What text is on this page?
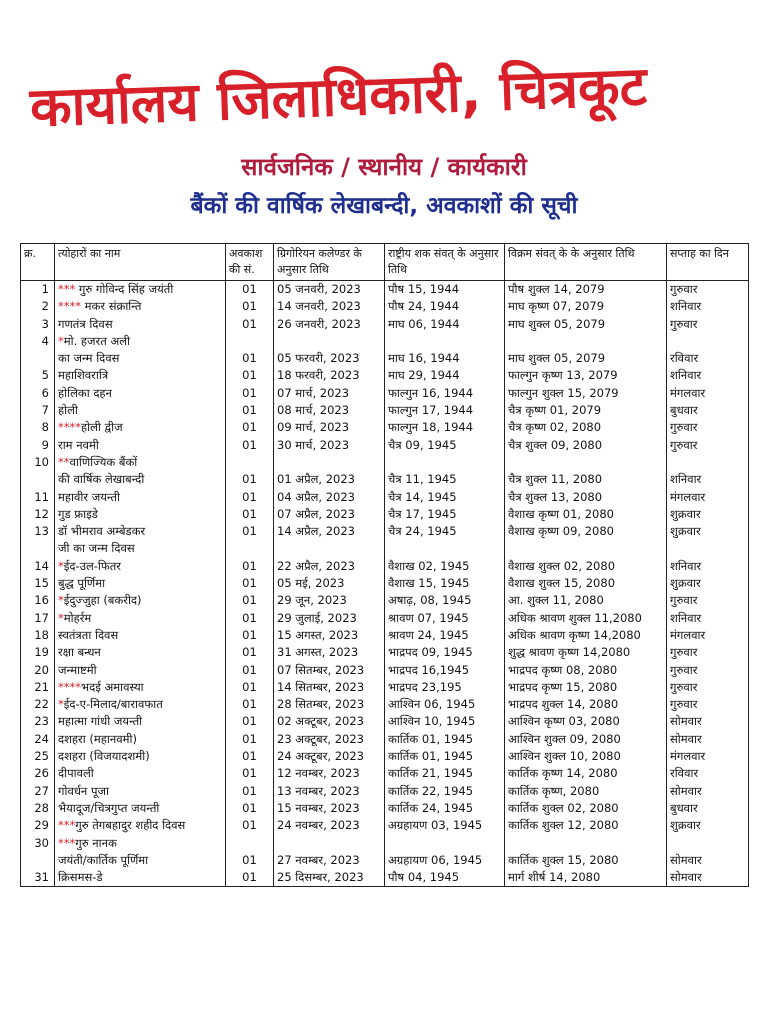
कार्यालय जिलाधिकारी, चित्रकूट
सार्वजनिक / स्थानीय / कार्यकारी
बैंकों की वार्षिक लेखाबन्दी, अवकाशों की सूची
क्र.	त्योहारों का नाम	अवकाश की सं.	ग्रिगोरियन कलेण्डर के अनुसार तिथि	राष्ट्रीय शक संवत् के अनुसार तिथि	विक्रम संवत् के के अनुसार तिथि	सप्ताह का दिन
1	*** गुरु गोविन्द सिंह जयंती	01	05 जनवरी, 2023	पौष 15, 1944	पौष शुक्ल 14, 2079	गुरुवार
2	**** मकर संक्रान्ति	01	14 जनवरी, 2023	पौष 24, 1944	माघ कृष्ण 07, 2079	शनिवार
3	गणतंत्र दिवस	01	26 जनवरी, 2023	माघ 06, 1944	माघ शुक्ल 05, 2079	गुरुवार
4	*मो. हजरत अली					
	का जन्म दिवस	01	05 फरवरी, 2023	माघ 16, 1944	माघ शुक्ल 05, 2079	रविवार
5	महाशिवरात्रि	01	18 फरवरी, 2023	माघ 29, 1944	फाल्गुन कृष्ण 13, 2079	शनिवार
6	होलिका दहन	01	07 मार्च, 2023	फाल्गुन 16, 1944	फाल्गुन शुक्ल 15, 2079	मंगलवार
7	होली	01	08 मार्च, 2023	फाल्गुन 17, 1944	चैत्र कृष्ण 01, 2079	बुधवार
8	****होली द्वीज	01	09 मार्च, 2023	फाल्गुन 18, 1944	चैत्र कृष्ण 02, 2080	गुरुवार
9	राम नवमी	01	30 मार्च, 2023	चैत्र 09, 1945	चैत्र शुक्ल 09, 2080	गुरुवार
10	**वाणिज्यिक बैंकों					
	की वार्षिक लेखाबन्दी	01	01 अप्रैल, 2023	चैत्र 11, 1945	चैत्र शुक्ल 11, 2080	शनिवार
11	महावीर जयन्ती	01	04 अप्रैल, 2023	चैत्र 14, 1945	चैत्र शुक्ल 13, 2080	मंगलवार
12	गुड फ्राइडे	01	07 अप्रैल, 2023	चैत्र 17, 1945	वैशाख कृष्ण 01, 2080	शुक्रवार
13	डॉ भीमराव अम्बेडकर	01	14 अप्रैल, 2023	चैत्र 24, 1945	वैशाख कृष्ण 09, 2080	शुक्रवार
	जी का जन्म दिवस					
14	*ईद-उल-फितर	01	22 अप्रैल, 2023	वैशाख 02, 1945	वैशाख शुक्ल 02, 2080	शनिवार
15	बुद्ध पूर्णिमा	01	05 मई, 2023	वैशाख 15, 1945	वैशाख शुक्ल 15, 2080	शुक्रवार
16	*ईदुज्जुहा (बकरीद)	01	29 जून, 2023	अषाढ़, 08, 1945	आ. शुक्ल 11, 2080	गुरुवार
17	*मोहर्रम	01	29 जुलाई, 2023	श्रावण 07, 1945	अधिक श्रावण शुक्ल 11,2080	शनिवार
18	स्वतंत्रता दिवस	01	15 अगस्त, 2023	श्रावण 24, 1945	अधिक श्रावण कृष्ण 14,2080	मंगलवार
19	रक्षा बन्धन	01	31 अगस्त, 2023	भाद्रपद 09, 1945	शुद्ध श्रावण कृष्ण 14,2080	गुरुवार
20	जन्माष्टमी	01	07 सितम्बर, 2023	भाद्रपद 16,1945	भाद्रपद कृष्ण 08, 2080	गुरुवार
21	****भदई अमावस्या	01	14 सितम्बर, 2023	भाद्रपद 23,195	भाद्रपद कृष्ण 15, 2080	गुरुवार
22	*ईद-ए-मिलाद/बारावफात	01	28 सितम्बर, 2023	आश्विन 06, 1945	भाद्रपद शुक्ल 14, 2080	गुरुवार
23	महात्मा गांधी जयन्ती	01	02 अक्टूबर, 2023	आश्विन 10, 1945	आश्विन कृष्ण 03, 2080	सोमवार
24	दशहरा (महानवमी)	01	23 अक्टूबर, 2023	कार्तिक 01, 1945	आश्विन शुक्ल 09, 2080	सोमवार
25	दशहरा (विजयादशमी)	01	24 अक्टूबर, 2023	कार्तिक 01, 1945	आश्विन शुक्ल 10, 2080	मंगलवार
26	दीपावली	01	12 नवम्बर, 2023	कार्तिक 21, 1945	कार्तिक कृष्ण 14, 2080	रविवार
27	गोवर्धन पूजा	01	13 नवम्बर, 2023	कार्तिक 22, 1945	कार्तिक कृष्ण, 2080	सोमवार
28	भैयादूज/चित्रगुप्त जयन्ती	01	15 नवम्बर, 2023	कार्तिक 24, 1945	कार्तिक शुक्ल 02, 2080	बुधवार
29	***गुरु तेगबहादुर शहीद दिवस	01	24 नवम्बर, 2023	अग्रहायण 03, 1945	कार्तिक शुक्ल 12, 2080	शुक्रवार
30	***गुरु नानक					
	जयंती/कार्तिक पूर्णिमा	01	27 नवम्बर, 2023	अग्रहायण 06, 1945	कार्तिक शुक्ल 15, 2080	सोमवार
31	क्रिसमस-डे	01	25 दिसम्बर, 2023	पौष 04, 1945	मार्ग शीर्ष 14, 2080	सोमवार
